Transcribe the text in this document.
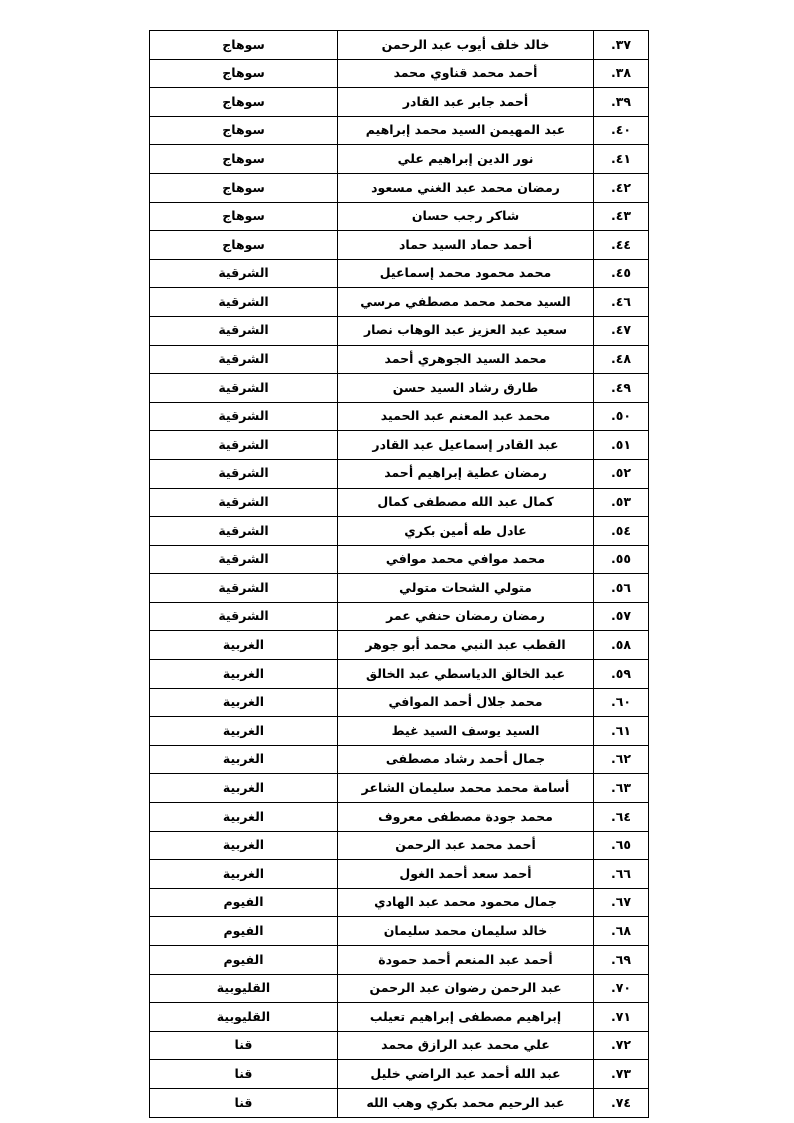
٣٧.	خالد خلف أيوب عبد الرحمن	سوهاج
٣٨.	أحمد محمد قناوي محمد	سوهاج
٣٩.	أحمد جابر عبد القادر	سوهاج
٤٠.	عبد المهيمن السيد محمد إبراهيم	سوهاج
٤١.	نور الدين إبراهيم علي	سوهاج
٤٢.	رمضان محمد عبد الغني مسعود	سوهاج
٤٣.	شاكر رجب حسان	سوهاج
٤٤.	أحمد حماد السيد حماد	سوهاج
٤٥.	محمد محمود محمد إسماعيل	الشرقية
٤٦.	السيد محمد محمد مصطفي مرسي	الشرقية
٤٧.	سعيد عبد العزيز عبد الوهاب نصار	الشرقية
٤٨.	محمد السيد الجوهري أحمد	الشرقية
٤٩.	طارق رشاد السيد حسن	الشرقية
٥٠.	محمد عبد المعنم عبد الحميد	الشرقية
٥١.	عبد القادر إسماعيل عبد القادر	الشرقية
٥٢.	رمضان عطية إبراهيم أحمد	الشرقية
٥٣.	كمال عبد الله مصطفى كمال	الشرقية
٥٤.	عادل طه أمين بكري	الشرقية
٥٥.	محمد موافي محمد موافي	الشرقية
٥٦.	متولي الشحات متولي	الشرقية
٥٧.	رمضان رمضان حنفي عمر	الشرقية
٥٨.	القطب عبد النبي محمد أبو جوهر	الغربية
٥٩.	عبد الخالق الدياسطي عبد الخالق	الغربية
٦٠.	محمد جلال أحمد الموافي	الغربية
٦١.	السيد يوسف السيد غيط	الغربية
٦٢.	جمال أحمد رشاد مصطفى	الغربية
٦٣.	أسامة محمد محمد سليمان الشاعر	الغربية
٦٤.	محمد جودة مصطفى معروف	الغربية
٦٥.	أحمد محمد عبد الرحمن	الغربية
٦٦.	أحمد سعد أحمد الغول	الغربية
٦٧.	جمال محمود محمد عبد الهادي	الفيوم
٦٨.	خالد سليمان محمد سليمان	الفيوم
٦٩.	أحمد عبد المنعم أحمد حمودة	الفيوم
٧٠.	عبد الرحمن رضوان عبد الرحمن	القليوبية
٧١.	إبراهيم مصطفى إبراهيم تعيلب	القليوبية
٧٢.	علي محمد عبد الرازق محمد	قنا
٧٣.	عبد الله أحمد عبد الراضي خليل	قنا
٧٤.	عبد الرحيم محمد بكري وهب الله	قنا
